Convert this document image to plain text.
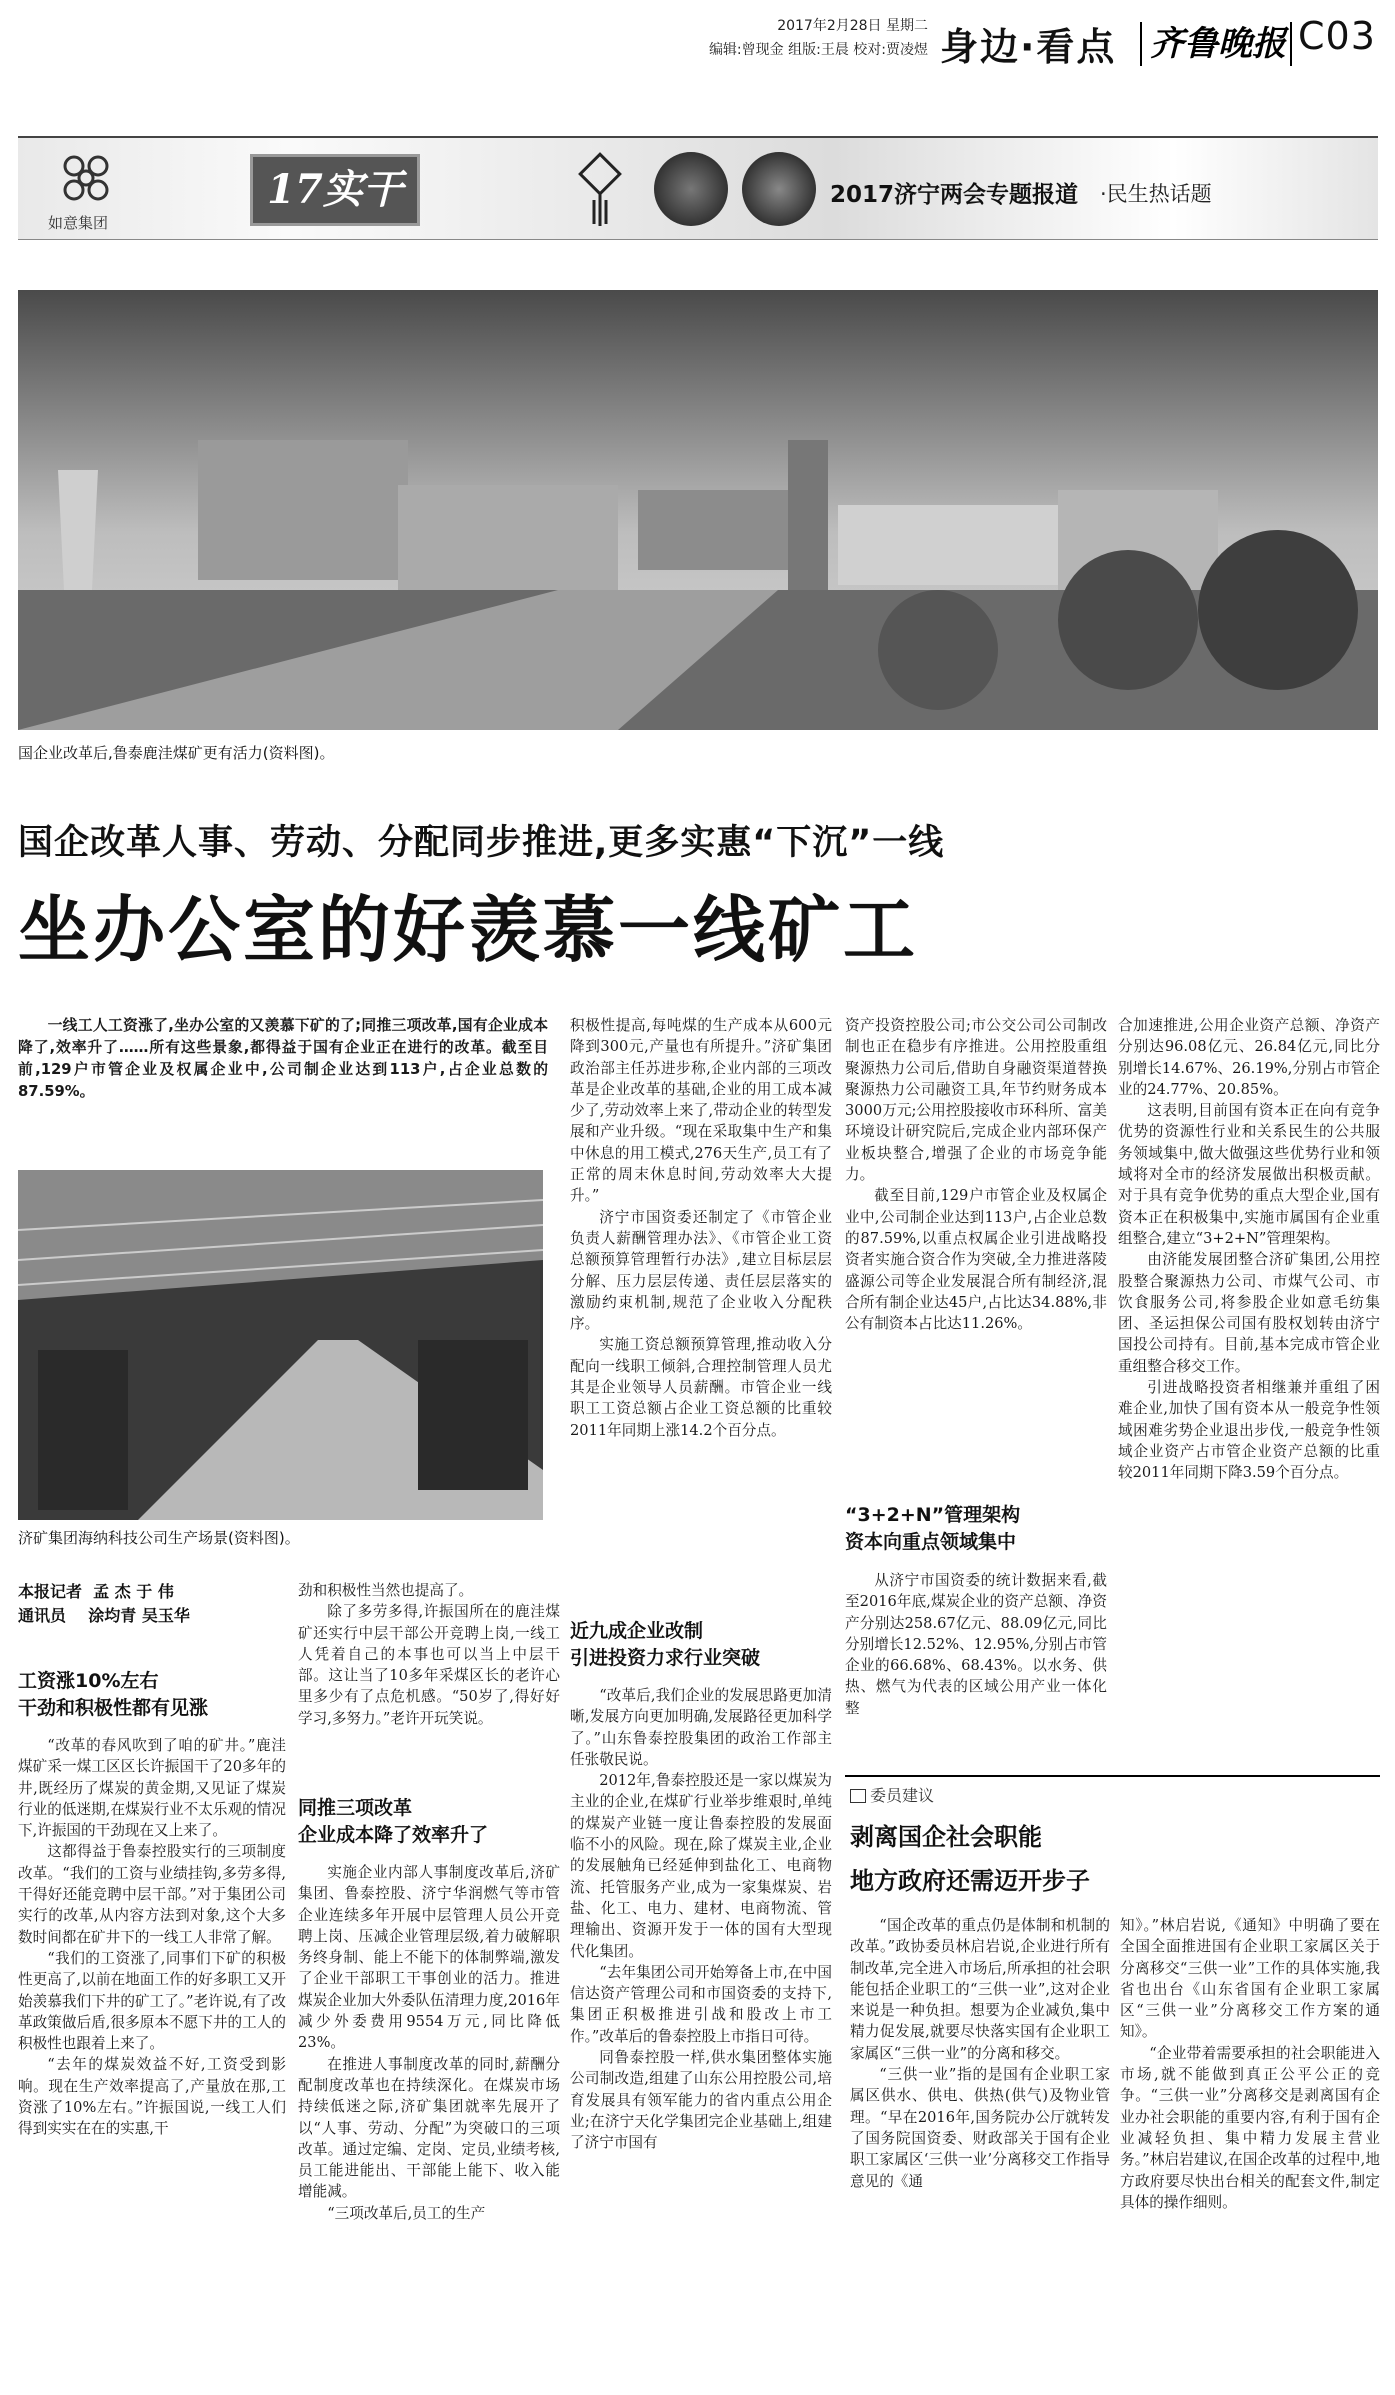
2017年2月28日 星期二
编辑:曾现金 组版:王晨 校对:贾凌煜 身边·看点 齐鲁晚报 C03
如意集团
17实干	2017济宁两会专题报道 ·民生热话题
国企业改革后,鲁泰鹿洼煤矿更有活力(资料图)。
国企改革人事、劳动、分配同步推进,更多实惠“下沉”一线
坐办公室的好羡慕一线矿工

一线工人工资涨了,坐办公室的又羡慕下矿的了;同推三项改革,国有企业成本降了,效率升了……所有这些景象,都得益于国有企业正在进行的改革。截至目前,129户市管企业及权属企业中,公司制企业达到113户,占企业总数的87.59%。

济矿集团海纳科技公司生产场景(资料图)。
本报记者 孟 杰 于 伟
通讯员 涂均青 吴玉华
工资涨10%左右
干劲和积极性都有见涨

“改革的春风吹到了咱的矿井。”鹿洼煤矿采一煤工区区长许振国干了20多年的井,既经历了煤炭的黄金期,又见证了煤炭行业的低迷期,在煤炭行业不太乐观的情况下,许振国的干劲现在又上来了。

这都得益于鲁泰控股实行的三项制度改革。“我们的工资与业绩挂钩,多劳多得,干得好还能竞聘中层干部。”对于集团公司实行的改革,从内容方法到对象,这个大多数时间都在矿井下的一线工人非常了解。

“我们的工资涨了,同事们下矿的积极性更高了,以前在地面工作的好多职工又开始羡慕我们下井的矿工了。”老许说,有了改革政策做后盾,很多原本不愿下井的工人的积极性也跟着上来了。

“去年的煤炭效益不好,工资受到影响。现在生产效率提高了,产量放在那,工资涨了10%左右。”许振国说,一线工人们得到实实在在的实惠,干

劲和积极性当然也提高了。

除了多劳多得,许振国所在的鹿洼煤矿还实行中层干部公开竞聘上岗,一线工人凭着自己的本事也可以当上中层干部。这让当了10多年采煤区长的老许心里多少有了点危机感。“50岁了,得好好学习,多努力。”老许开玩笑说。

同推三项改革
企业成本降了效率升了

实施企业内部人事制度改革后,济矿集团、鲁泰控股、济宁华润燃气等市管企业连续多年开展中层管理人员公开竞聘上岗、压减企业管理层级,着力破解职务终身制、能上不能下的体制弊端,激发了企业干部职工干事创业的活力。推进煤炭企业加大外委队伍清理力度,2016年减少外委费用9554万元,同比降低23%。

在推进人事制度改革的同时,薪酬分配制度改革也在持续深化。在煤炭市场持续低迷之际,济矿集团就率先展开了以“人事、劳动、分配”为突破口的三项改革。通过定编、定岗、定员,业绩考核,员工能进能出、干部能上能下、收入能增能减。

“三项改革后,员工的生产

积极性提高,每吨煤的生产成本从600元降到300元,产量也有所提升。”济矿集团政治部主任苏进步称,企业内部的三项改革是企业改革的基础,企业的用工成本减少了,劳动效率上来了,带动企业的转型发展和产业升级。“现在采取集中生产和集中休息的用工模式,276天生产,员工有了正常的周末休息时间,劳动效率大大提升。”

济宁市国资委还制定了《市管企业负责人薪酬管理办法》、《市管企业工资总额预算管理暂行办法》,建立目标层层分解、压力层层传递、责任层层落实的激励约束机制,规范了企业收入分配秩序。

实施工资总额预算管理,推动收入分配向一线职工倾斜,合理控制管理人员尤其是企业领导人员薪酬。市管企业一线职工工资总额占企业工资总额的比重较2011年同期上涨14.2个百分点。

近九成企业改制
引进投资力求行业突破

“改革后,我们企业的发展思路更加清晰,发展方向更加明确,发展路径更加科学了。”山东鲁泰控股集团的政治工作部主任张敬民说。

2012年,鲁泰控股还是一家以煤炭为主业的企业,在煤矿行业举步维艰时,单纯的煤炭产业链一度让鲁泰控股的发展面临不小的风险。现在,除了煤炭主业,企业的发展触角已经延伸到盐化工、电商物流、托管服务产业,成为一家集煤炭、岩盐、化工、电力、建材、电商物流、管理输出、资源开发于一体的国有大型现代化集团。

“去年集团公司开始筹备上市,在中国信达资产管理公司和市国资委的支持下,集团正积极推进引战和股改上市工作。”改革后的鲁泰控股上市指日可待。

同鲁泰控股一样,供水集团整体实施公司制改造,组建了山东公用控股公司,培育发展具有领军能力的省内重点公用企业;在济宁天化学集团完企业基础上,组建了济宁市国有

资产投资控股公司;市公交公司公司制改制也正在稳步有序推进。公用控股重组聚源热力公司后,借助自身融资渠道替换聚源热力公司融资工具,年节约财务成本3000万元;公用控股接收市环科所、富美环境设计研究院后,完成企业内部环保产业板块整合,增强了企业的市场竞争能力。

截至目前,129户市管企业及权属企业中,公司制企业达到113户,占企业总数的87.59%,以重点权属企业引进战略投资者实施合资合作为突破,全力推进落陵盛源公司等企业发展混合所有制经济,混合所有制企业达45户,占比达34.88%,非公有制资本占比达11.26%。

“3+2+N”管理架构
资本向重点领域集中

从济宁市国资委的统计数据来看,截至2016年底,煤炭企业的资产总额、净资产分别达258.67亿元、88.09亿元,同比分别增长12.52%、12.95%,分别占市管企业的66.68%、68.43%。以水务、供热、燃气为代表的区域公用产业一体化整

合加速推进,公用企业资产总额、净资产分别达96.08亿元、26.84亿元,同比分别增长14.67%、26.19%,分别占市管企业的24.77%、20.85%。

这表明,目前国有资本正在向有竞争优势的资源性行业和关系民生的公共服务领域集中,做大做强这些优势行业和领域将对全市的经济发展做出积极贡献。对于具有竞争优势的重点大型企业,国有资本正在积极集中,实施市属国有企业重组整合,建立“3+2+N”管理架构。

由济能发展团整合济矿集团,公用控股整合聚源热力公司、市煤气公司、市饮食服务公司,将参股企业如意毛纺集团、圣运担保公司国有股权划转由济宁国投公司持有。目前,基本完成市管企业重组整合移交工作。

引进战略投资者相继兼并重组了困难企业,加快了国有资本从一般竞争性领域困难劣势企业退出步伐,一般竞争性领域企业资产占市管企业资产总额的比重较2011年同期下降3.59个百分点。

委员建议
剥离国企社会职能
地方政府还需迈开步子

“国企改革的重点仍是体制和机制的改革。”政协委员林启岩说,企业进行所有制改革,完全进入市场后,所承担的社会职能包括企业职工的“三供一业”,这对企业来说是一种负担。想要为企业减负,集中精力促发展,就要尽快落实国有企业职工家属区“三供一业”的分离和移交。

“三供一业”指的是国有企业职工家属区供水、供电、供热(供气)及物业管理。“早在2016年,国务院办公厅就转发了国务院国资委、财政部关于国有企业职工家属区‘三供一业’分离移交工作指导意见的《通

知》。”林启岩说,《通知》中明确了要在全国全面推进国有企业职工家属区关于分离移交“三供一业”工作的具体实施,我省也出台《山东省国有企业职工家属区“三供一业”分离移交工作方案的通知》。

“企业带着需要承担的社会职能进入市场,就不能做到真正公平公正的竞争。“三供一业”分离移交是剥离国有企业办社会职能的重要内容,有利于国有企业减轻负担、集中精力发展主营业务。”林启岩建议,在国企改革的过程中,地方政府要尽快出台相关的配套文件,制定具体的操作细则。
